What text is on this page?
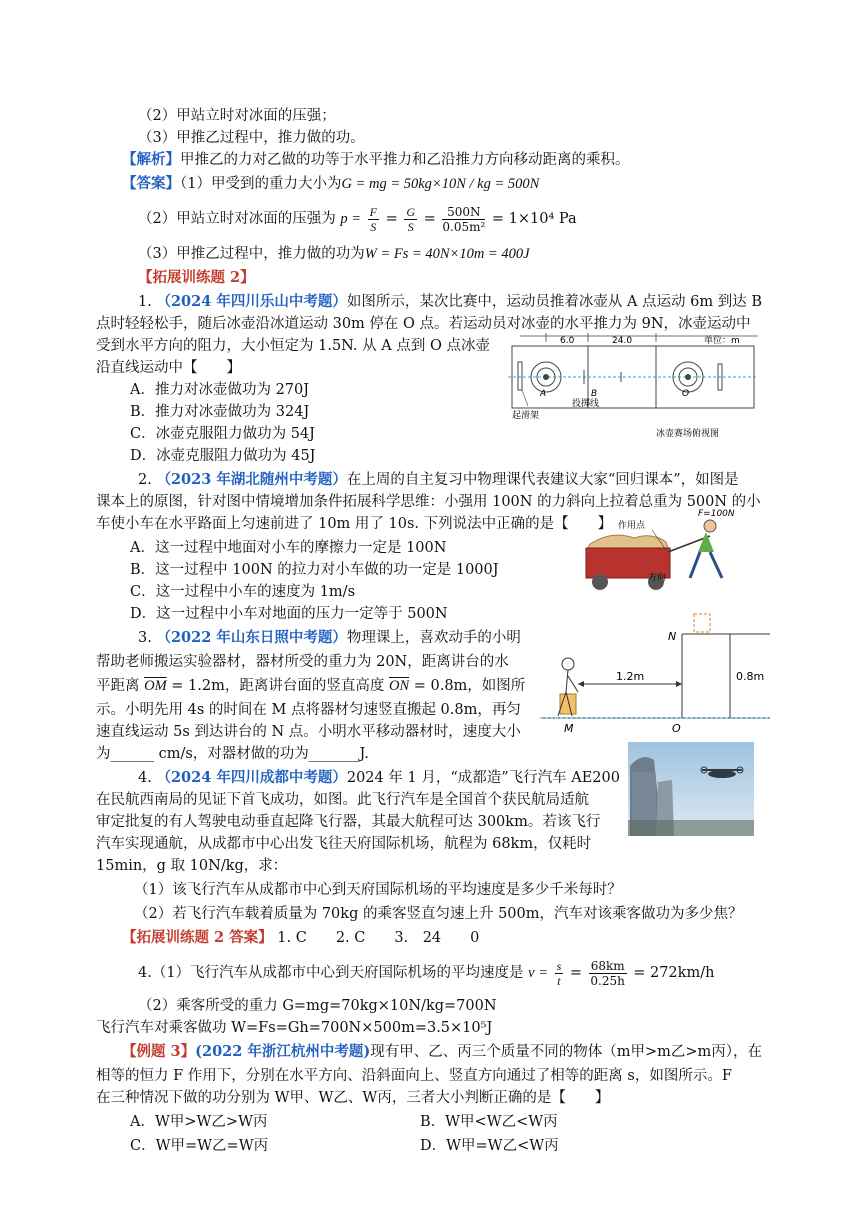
（2）甲站立时对冰面的压强；
（3）甲推乙过程中，推力做的功。
【解析】甲推乙的力对乙做的功等于水平推力和乙沿推力方向移动距离的乘积。
【答案】（1）甲受到的重力大小为G = mg = 50kg×10N / kg = 500N
（2）甲站立时对冰面的压强为 $p = \frac{F}{S} = \frac{G}{S} = \frac{500N}{\text{0.05m²}} = 1\times 10^4$ Pa
（3）甲推乙过程中，推力做的功为W = Fs = 40N×10m = 400J
【拓展训练题 2】
1. （2024 年四川乐山中考题）如图所示，某次比赛中，运动员推着冰壶从 A 点运动 6m 到达 B
点时轻轻松手，随后冰壶沿冰道运动 30m 停在 O 点。若运动员对冰壶的水平推力为 9N，冰壶运动中
受到水平方向的阻力，大小恒定为 1.5N. 从 A 点到 O 点冰壶
沿直线运动中【　　】
A．推力对冰壶做功为 270J
B．推力对冰壶做功为 324J
C．冰壶克服阻力做功为 54J
D．冰壶克服阻力做功为 45J
6.0	24.0	单位：m
A	B	O
起滑架
投掷线
冰壶赛场俯视图
2. （2023 年湖北随州中考题）在上周的自主复习中物理课代表建议大家“回归课本”，如图是
课本上的原图，针对图中情境增加条件拓展科学思维：小强用 100N 的力斜向上拉着总重为 500N 的小
车使小车在水平路面上匀速前进了 10m 用了 10s. 下列说法中正确的是【　　】
A．这一过程中地面对小车的摩擦力一定是 100N
B．这一过程中 100N 的拉力对小车做的功一定是 1000J
C．这一过程中小车的速度为 1m/s
D．这一过程中小车对地面的压力一定等于 500N
作用点
F=100N
方向
3. （2022 年山东日照中考题）物理课上，喜欢动手的小明
帮助老师搬运实验器材，器材所受的重力为 20N，距离讲台的水
平距离 $\overline{OM} = 1.2m$，距离讲台面的竖直高度 $\overline{ON} = 0.8m$，如图所
示。小明先用 4s 的时间在 M 点将器材匀速竖直搬起 0.8m，再匀
速直线运动 5s 到达讲台的 N 点。小明水平移动器材时，速度大小
为______ cm/s，对器材做的功为_______J.
1.2m	0.8m
N
M	O
4. （2024 年四川成都中考题）2024 年 1 月，“成都造”飞行汽车 AE200
在民航西南局的见证下首飞成功，如图。此飞行汽车是全国首个获民航局适航
审定批复的有人驾驶电动垂直起降飞行器，其最大航程可达 300km。若该飞行
汽车实现通航，从成都市中心出发飞往天府国际机场，航程为 68km，仅耗时
15min，g 取 10N/kg，求：
（1）该飞行汽车从成都市中心到天府国际机场的平均速度是多少千米每时？
（2）若飞行汽车载着质量为 70kg 的乘客竖直匀速上升 500m，汽车对该乘客做功为多少焦？
【拓展训练题 2 答案】 1. C　　2. C　　3.　24　　0
4.（1）飞行汽车从成都市中心到天府国际机场的平均速度是 $v = \frac{s}{t} = \frac{68km}{0.25h} = 272km/h$
（2）乘客所受的重力 G=mg=70kg×10N/kg=700N
飞行汽车对乘客做功 W=Fs=Gh=700N×500m=3.5×10⁵J
【例题 3】(2022 年浙江杭州中考题)现有甲、乙、丙三个质量不同的物体（m甲>m乙>m丙），在
相等的恒力 F 作用下，分别在水平方向、沿斜面向上、竖直方向通过了相等的距离 s，如图所示。F
在三种情况下做的功分别为 W甲、W乙、W丙，三者大小判断正确的是【　　】
A．W甲>W乙>W丙	B．W甲<W乙<W丙
C．W甲=W乙=W丙	D．W甲=W乙<W丙
